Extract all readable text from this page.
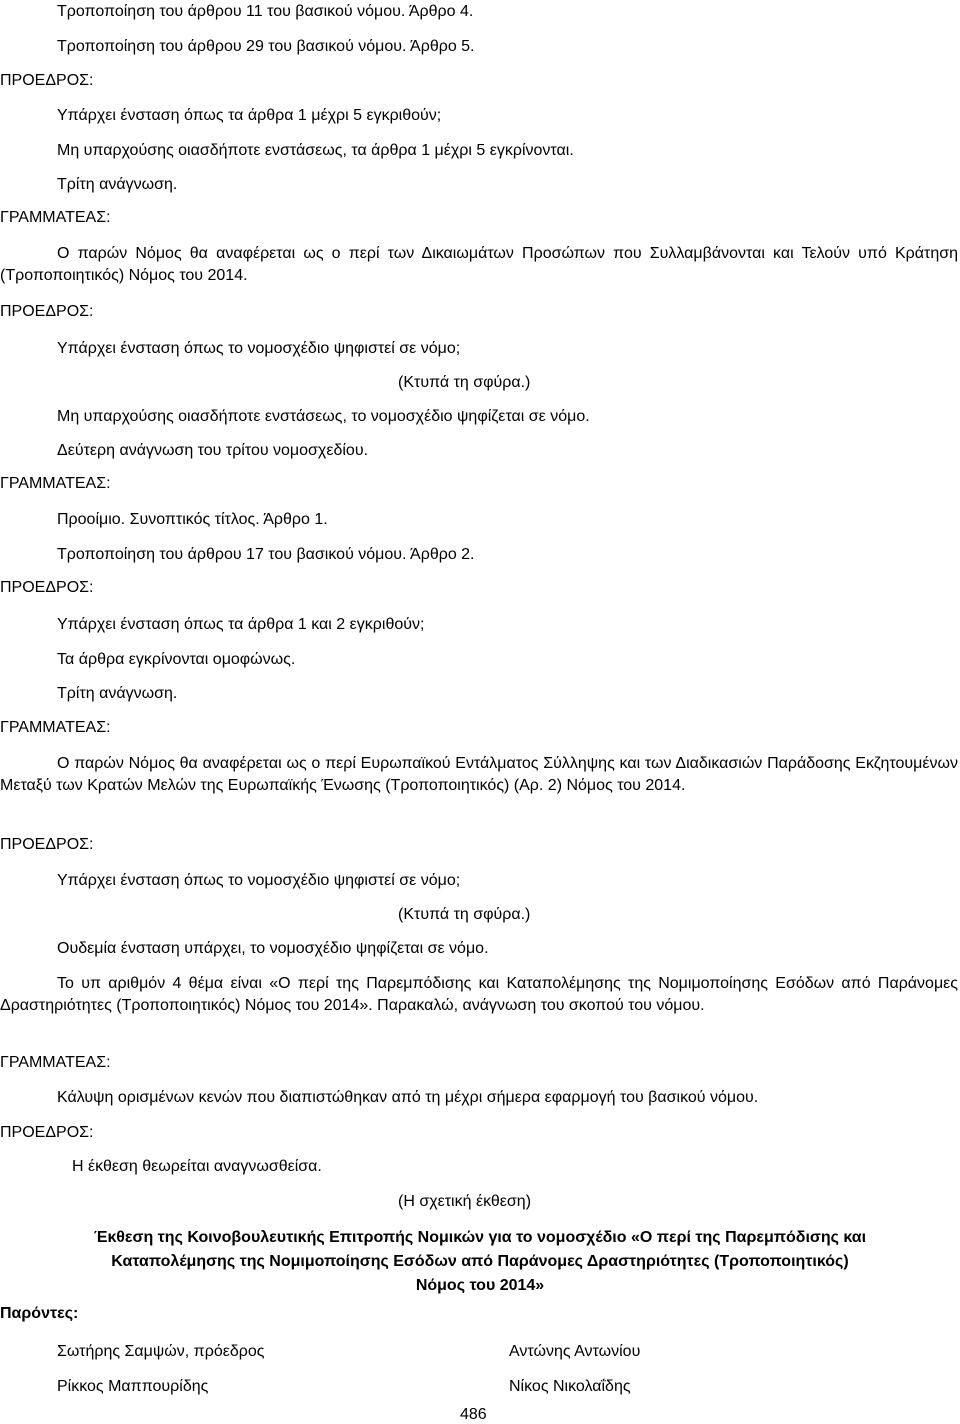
Τροποποίηση του άρθρου 11 του βασικού νόμου. Άρθρο 4.
Τροποποίηση του άρθρου 29 του βασικού νόμου. Άρθρο 5.
ΠΡΟΕΔΡΟΣ:
Υπάρχει ένσταση όπως τα άρθρα 1 μέχρι 5 εγκριθούν;
Μη υπαρχούσης οιασδήποτε ενστάσεως, τα άρθρα 1 μέχρι 5 εγκρίνονται.
Τρίτη ανάγνωση.
ΓΡΑΜΜΑΤΕΑΣ:
Ο παρών Νόμος θα αναφέρεται ως ο περί των Δικαιωμάτων Προσώπων που Συλλαμβάνονται και Τελούν υπό Κράτηση (Τροποποιητικός) Νόμος του 2014.
ΠΡΟΕΔΡΟΣ:
Υπάρχει ένσταση όπως το νομοσχέδιο ψηφιστεί σε νόμο;
(Κτυπά τη σφύρα.)
Μη υπαρχούσης οιασδήποτε ενστάσεως, το νομοσχέδιο ψηφίζεται σε νόμο.
Δεύτερη ανάγνωση του τρίτου νομοσχεδίου.
ΓΡΑΜΜΑΤΕΑΣ:
Προοίμιο. Συνοπτικός τίτλος. Άρθρο 1.
Τροποποίηση του άρθρου 17 του βασικού νόμου. Άρθρο 2.
ΠΡΟΕΔΡΟΣ:
Υπάρχει ένσταση όπως τα άρθρα 1 και 2 εγκριθούν;
Τα άρθρα εγκρίνονται ομοφώνως.
Τρίτη ανάγνωση.
ΓΡΑΜΜΑΤΕΑΣ:
Ο παρών Νόμος θα αναφέρεται ως ο περί Ευρωπαϊκού Εντάλματος Σύλληψης και των Διαδικασιών Παράδοσης Εκζητουμένων Μεταξύ των Κρατών Μελών της Ευρωπαϊκής Ένωσης (Τροποποιητικός) (Αρ. 2) Νόμος του 2014.
ΠΡΟΕΔΡΟΣ:
Υπάρχει ένσταση όπως το νομοσχέδιο ψηφιστεί σε νόμο;
(Κτυπά τη σφύρα.)
Ουδεμία ένσταση υπάρχει, το νομοσχέδιο ψηφίζεται σε νόμο.
Το υπ αριθμόν 4 θέμα είναι «Ο περί της Παρεμπόδισης και Καταπολέμησης της Νομιμοποίησης Εσόδων από Παράνομες Δραστηριότητες (Τροποποιητικός) Νόμος του 2014». Παρακαλώ, ανάγνωση του σκοπού του νόμου.
ΓΡΑΜΜΑΤΕΑΣ:
Κάλυψη ορισμένων κενών που διαπιστώθηκαν από τη μέχρι σήμερα εφαρμογή του βασικού νόμου.
ΠΡΟΕΔΡΟΣ:
Η έκθεση θεωρείται αναγνωσθείσα.
(Η σχετική έκθεση)
Έκθεση της Κοινοβουλευτικής Επιτροπής Νομικών για το νομοσχέδιο «Ο περί της Παρεμπόδισης και
Καταπολέμησης της Νομιμοποίησης Εσόδων από Παράνομες Δραστηριότητες (Τροποποιητικός)
Νόμος του 2014»
Παρόντες:
Σωτήρης Σαμψών, πρόεδρος	Αντώνης Αντωνίου
Ρίκκος Μαππουρίδης	Νίκος Νικολαΐδης
486
